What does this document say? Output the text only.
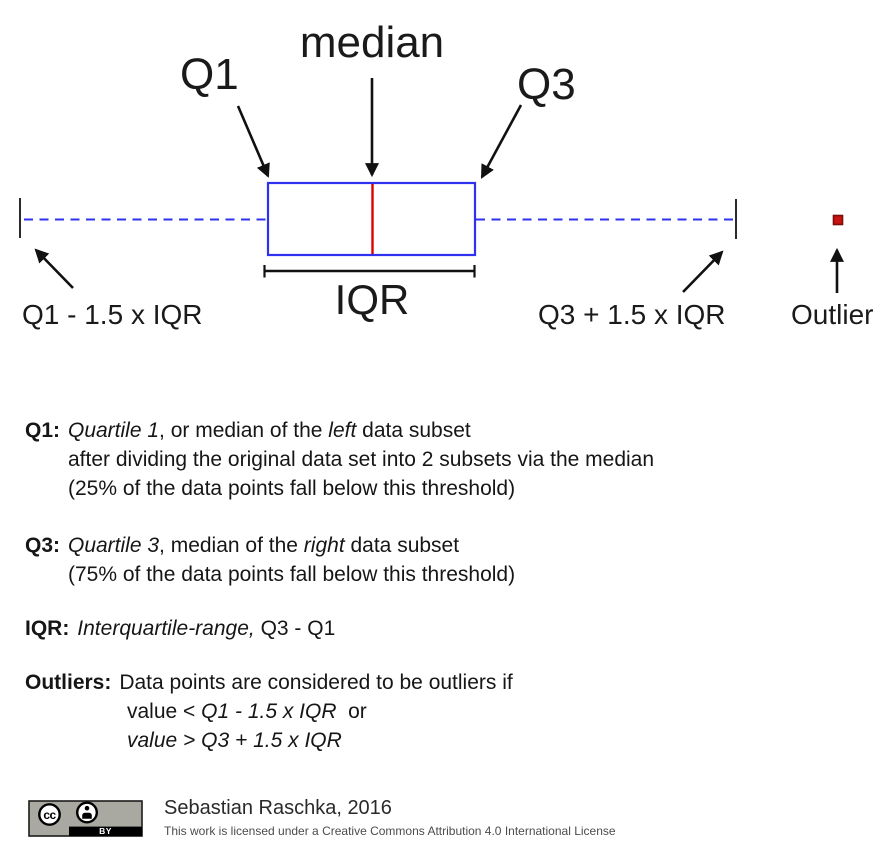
median
Q1	Q3
IQR
Q1 - 1.5 x IQR	Q3 + 1.5 x IQR Outlier
Q1: Quartile 1, or median of the left data subset
after dividing the original data set into 2 subsets via the median
(25% of the data points fall below this threshold)
Q3: Quartile 3, median of the right data subset
(75% of the data points fall below this threshold)
IQR: Interquartile-range, Q3 - Q1
Outliers: Data points are considered to be outliers if
value < Q1 - 1.5 x IQR or
value > Q3 + 1.5 x IQR
cc
BY
Sebastian Raschka, 2016
This work is licensed under a Creative Commons Attribution 4.0 International License
